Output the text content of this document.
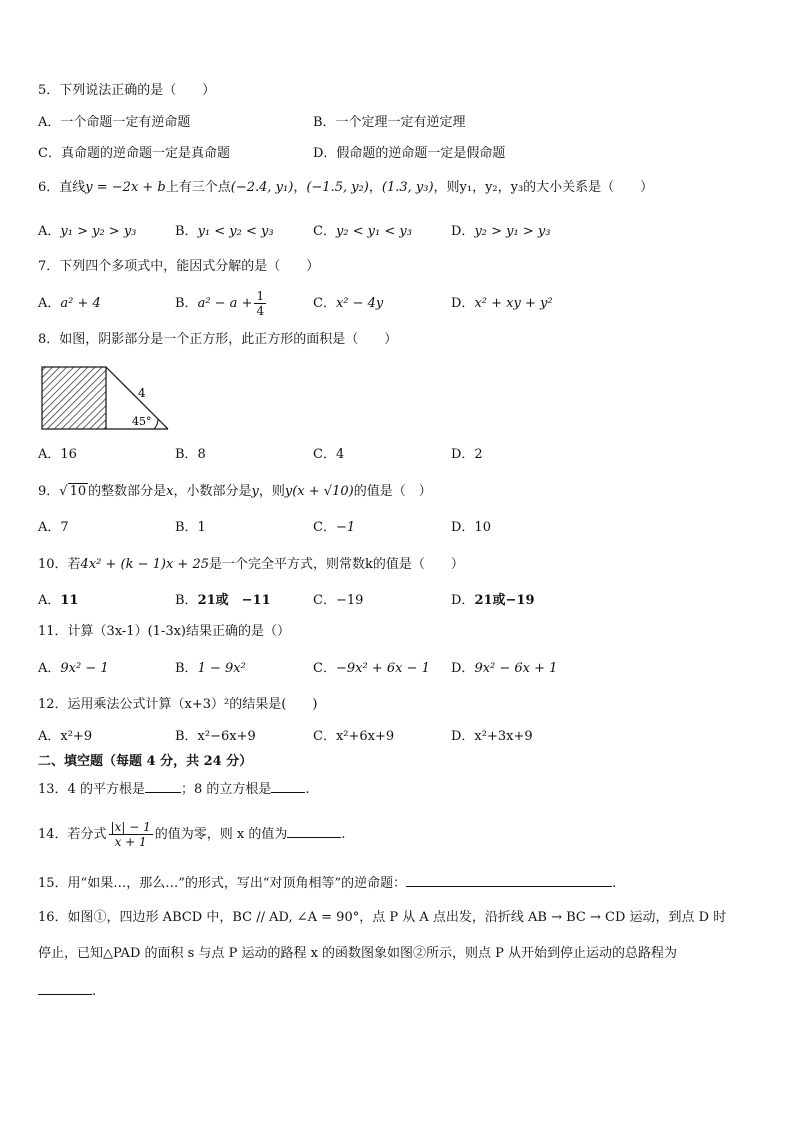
5．下列说法正确的是（　　）
A．一个命题一定有逆命题	B．一个定理一定有逆定理
C．真命题的逆命题一定是真命题	D．假命题的逆命题一定是假命题
6．直线y = −2x + b上有三个点(−2.4, y₁)，(−1.5, y₂)，(1.3, y₃)，则y₁，y₂，y₃的大小关系是（　　）
A．y₁ > y₂ > y₃	B．y₁ < y₂ < y₃	C．y₂ < y₁ < y₃	D．y₂ > y₁ > y₃
7．下列四个多项式中，能因式分解的是（　　）
A．a² + 4	B．$a^2 - a + \frac{1}{4}$	C．x² − 4y	D．x² + xy + y²
8．如图，阴影部分是一个正方形，此正方形的面积是（　　）
4
45°
A．16	B．8	C．4	D．2
9．√ 10 的整数部分是x，小数部分是y，则y(x + √10)的值是（　）
A．7	B．1	C．−1	D．10
10．若4x² + (k − 1)x + 25是一个完全平方式，则常数k的值是（　　）
A．11	B．21或　−11	C．−19	D．21或−19
11．计算（3x-1）(1-3x)结果正确的是（）
A．9x² − 1	B．1 − 9x²	C．−9x² + 6x − 1 D．9x² − 6x + 1
12．运用乘法公式计算（x+3）²的结果是(　　)
A．x²+9	B．x²−6x+9	C．x²+6x+9	D．x²+3x+9
二、填空题（每题 4 分，共 24 分）
13．4 的平方根是	；8 的立方根是	.
14．若分式 $\frac{|x| - 1}{x + 1}$ 的值为零，则 x 的值为	.
15．用“如果…，那么…”的形式，写出“对顶角相等”的逆命题：	.
16．如图①，四边形 ABCD 中，BC // AD, ∠A = 90°，点 P 从 A 点出发，沿折线 AB → BC → CD 运动，到点 D 时
停止，已知△PAD 的面积 s 与点 P 运动的路程 x 的函数图象如图②所示，则点 P 从开始到停止运动的总路程为
.
